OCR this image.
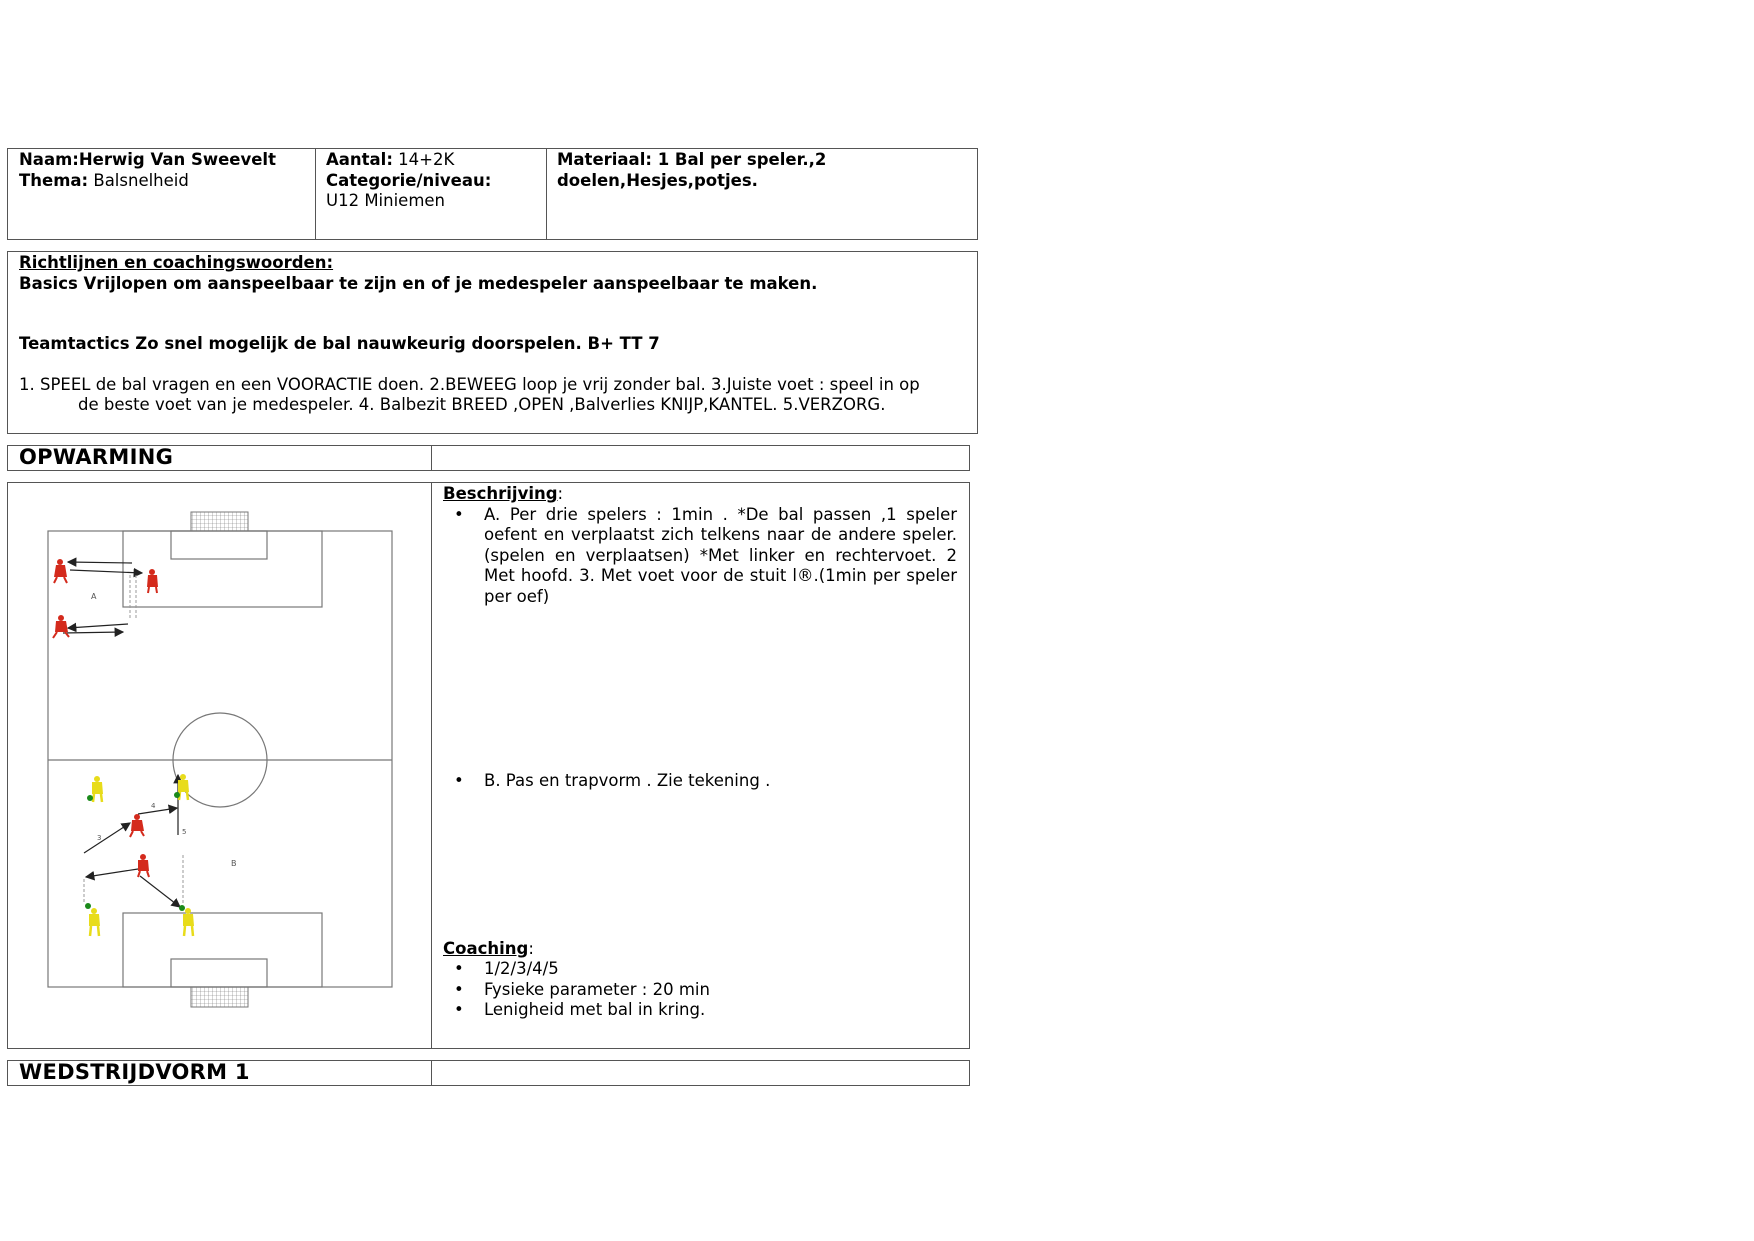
Naam:Herwig Van Sweevelt
Thema: Balsnelheid
Aantal: 14+2K
Categorie/niveau:
U12 Miniemen
Materiaal: 1 Bal per speler.,2
doelen,Hesjes,potjes.
Richtlijnen en coachingswoorden:
Basics Vrijlopen om aanspeelbaar te zijn en of je medespeler aanspeelbaar te maken.
Teamtactics Zo snel mogelijk de bal nauwkeurig doorspelen. B+ TT 7
1. SPEEL de bal vragen en een VOORACTIE doen. 2.BEWEEG loop je vrij zonder bal. 3.Juiste voet : speel in op
de beste voet van je medespeler. 4. Balbezit BREED ,OPEN ,Balverlies KNIJP,KANTEL. 5.VERZORG.
OPWARMING
A
3
4
5
B
Beschrijving:
• A. Per drie spelers : 1min . *De bal passen ,1 speler oefent en verplaatst zich telkens naar de andere speler. (spelen en verplaatsen) *Met linker en rechtervoet. 2 Met hoofd. 3. Met voet voor de stuit l®.(1min per speler per oef)
• B. Pas en trapvorm . Zie tekening .
Coaching:
• 1/2/3/4/5
• Fysieke parameter : 20 min
• Lenigheid met bal in kring.
WEDSTRIJDVORM 1
